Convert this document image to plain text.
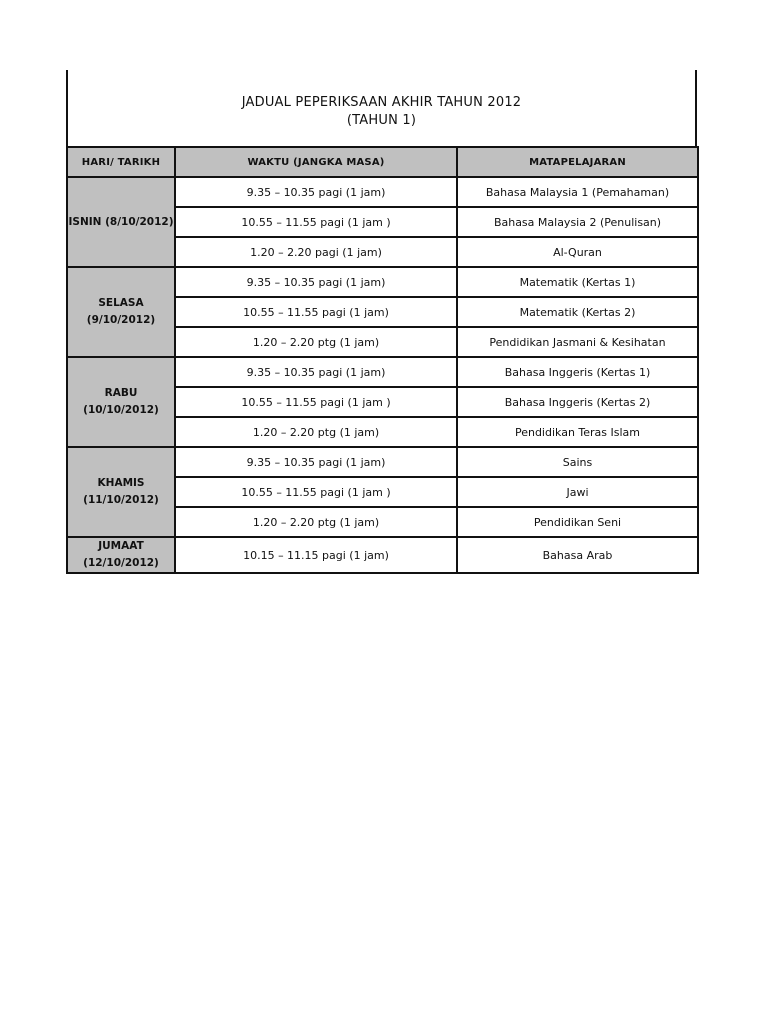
JADUAL PEPERIKSAAN AKHIR TAHUN 2012
(TAHUN 1)
HARI/ TARIKH	WAKTU (JANGKA MASA)	MATAPELAJARAN
ISNIN (8/10/2012)	9.35 – 10.35 pagi (1 jam)	Bahasa Malaysia 1 (Pemahaman)
	10.55 – 11.55 pagi (1 jam )	Bahasa Malaysia 2 (Penulisan)
	1.20 – 2.20 pagi (1 jam)	Al-Quran
SELASA
(9/10/2012)	9.35 – 10.35 pagi (1 jam)	Matematik (Kertas 1)
	10.55 – 11.55 pagi (1 jam)	Matematik (Kertas 2)
	1.20 – 2.20 ptg (1 jam)	Pendidikan Jasmani & Kesihatan
RABU
(10/10/2012)	9.35 – 10.35 pagi (1 jam)	Bahasa Inggeris (Kertas 1)
	10.55 – 11.55 pagi (1 jam )	Bahasa Inggeris (Kertas 2)
	1.20 – 2.20 ptg (1 jam)	Pendidikan Teras Islam
KHAMIS
(11/10/2012)	9.35 – 10.35 pagi (1 jam)	Sains
	10.55 – 11.55 pagi (1 jam )	Jawi
	1.20 – 2.20 ptg (1 jam)	Pendidikan Seni
JUMAAT
(12/10/2012)	10.15 – 11.15 pagi (1 jam)	Bahasa Arab
